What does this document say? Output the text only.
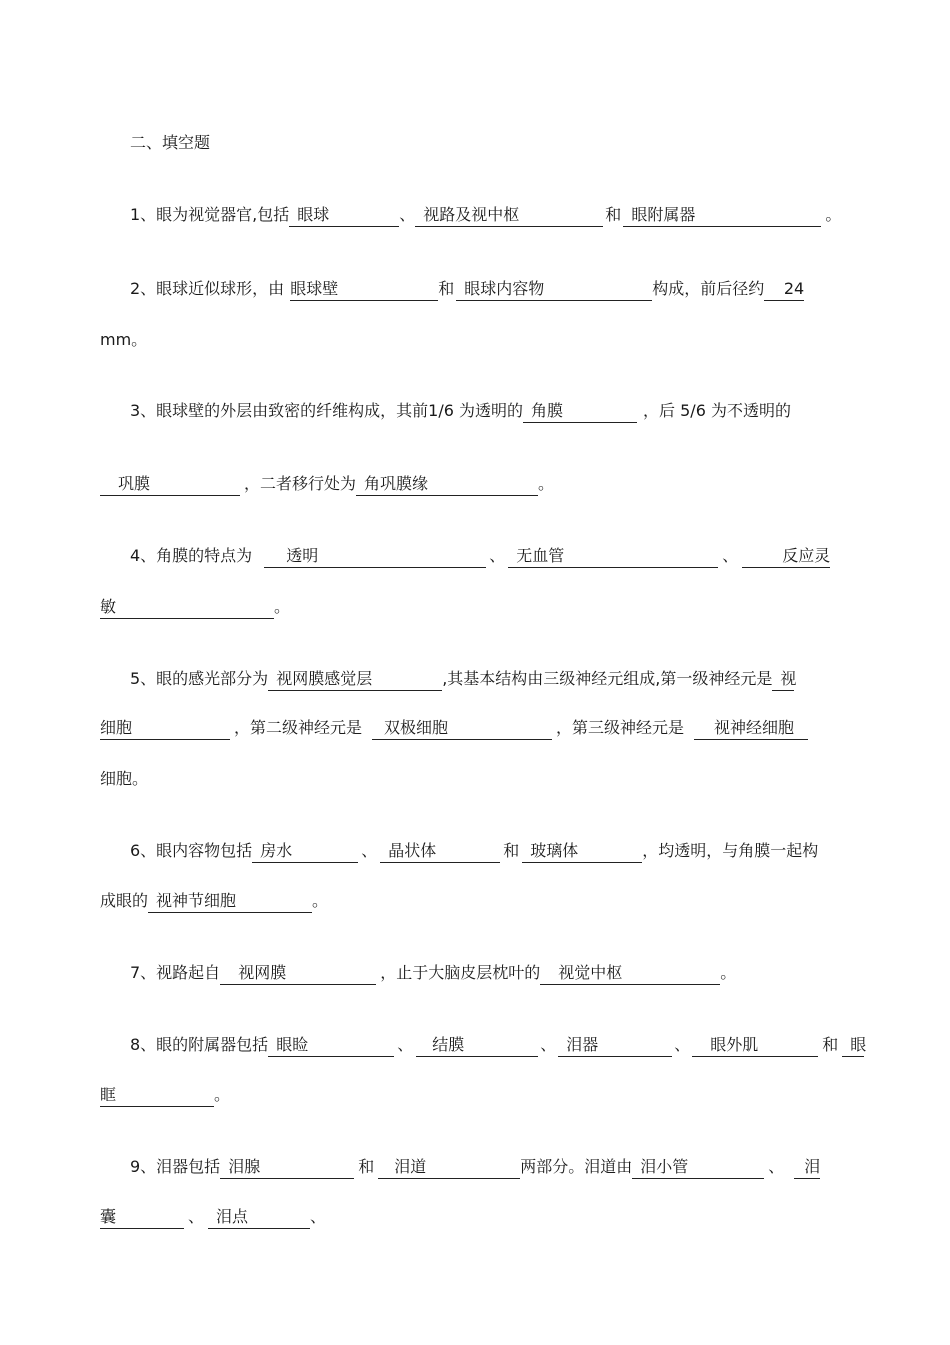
二、填空题
1、眼为视觉器官,包括 眼球	、 视路及视中枢	和 眼附属器	。
2、眼球近似球形，由 眼球壁	和 眼球内容物	构成，前后径约 24
mm。
3、眼球壁的外层由致密的纤维构成，其前1/6 为透明的 角膜	，后 5/6 为不透明的
巩膜	，二者移行处为 角巩膜缘	。
4、角膜的特点为 透明	、 无血管	、	反应灵
敏	。
5、眼的感光部分为 视网膜感觉层	,其基本结构由三级神经元组成,第一级神经元是 视
细胞	，第二级神经元是 双极细胞	，第三级神经元是 视神经细胞
细胞。
6、眼内容物包括 房水	、 晶状体	和 玻璃体	，均透明，与角膜一起构
成眼的 视神节细胞	。
7、视路起自 视网膜	，止于大脑皮层枕叶的 视觉中枢	。
8、眼的附属器包括 眼睑	、 结膜	、 泪器	、 眼外肌	和 眼
眶	。
9、泪器包括 泪腺	和 泪道	两部分。泪道由 泪小管	、 泪
囊	、 泪点	、
